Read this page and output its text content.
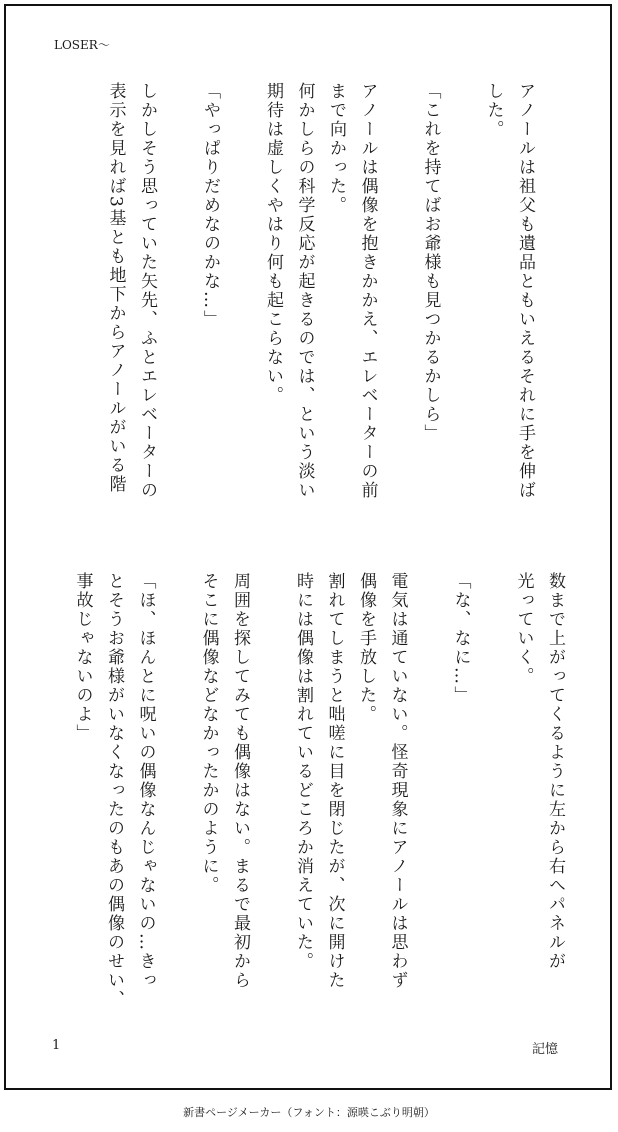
LOSER〜
アノールは祖父も遺品ともいえるそれに手を伸ば
した。
「これを持てばお爺様も見つかるかしら」
アノールは偶像を抱きかかえ、エレベーターの前
まで向かった。
何かしらの科学反応が起きるのでは、という淡い
期待は虚しくやはり何も起こらない。
「やっぱりだめなのかな…」
しかしそう思っていた矢先、ふとエレベーターの
表示を見れば3基とも地下からアノールがいる階
数まで上がってくるように左から右へパネルが
光っていく。
「な、なに…」
電気は通ていない。怪奇現象にアノールは思わず
偶像を手放した。
割れてしまうと咄嗟に目を閉じたが、次に開けた
時には偶像は割れているどころか消えていた。
周囲を探してみても偶像はない。まるで最初から
そこに偶像などなかったかのように。
「ほ、ほんとに呪いの偶像なんじゃないの…きっ
とそうお爺様がいなくなったのもあの偶像のせい、
事故じゃないのよ」
1	記憶
新書ページメーカー（フォント：源暎こぶり明朝）
